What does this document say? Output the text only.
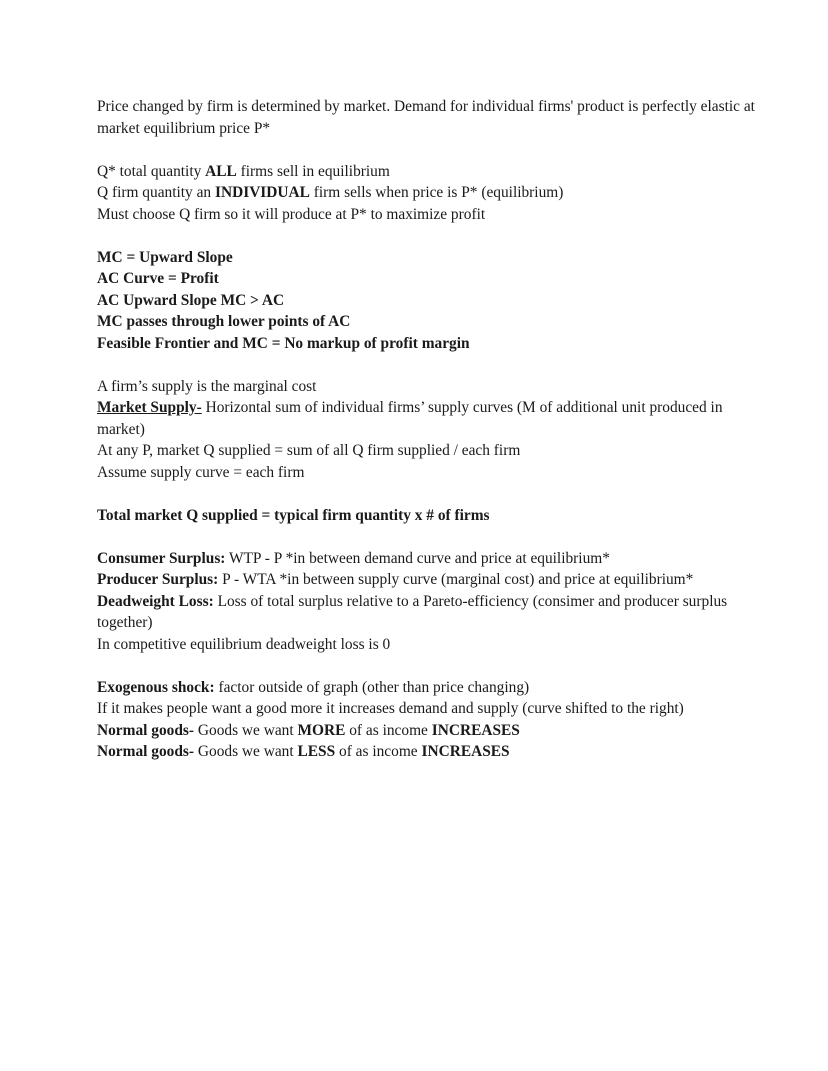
Price changed by firm is determined by market. Demand for individual firms' product is perfectly elastic at market equilibrium price P*

Q* total quantity ALL firms sell in equilibrium
Q firm quantity an INDIVIDUAL firm sells when price is P* (equilibrium)
Must choose Q firm so it will produce at P* to maximize profit

MC = Upward Slope
AC Curve = Profit
AC Upward Slope MC > AC
MC passes through lower points of AC
Feasible Frontier and MC = No markup of profit margin

A firm’s supply is the marginal cost
Market Supply- Horizontal sum of individual firms’ supply curves (M of additional unit produced in market)
At any P, market Q supplied = sum of all Q firm supplied / each firm
Assume supply curve = each firm

Total market Q supplied = typical firm quantity x # of firms

Consumer Surplus: WTP - P *in between demand curve and price at equilibrium*
Producer Surplus: P - WTA *in between supply curve (marginal cost) and price at equilibrium*
Deadweight Loss: Loss of total surplus relative to a Pareto-efficiency (consimer and producer surplus together)
In competitive equilibrium deadweight loss is 0

Exogenous shock: factor outside of graph (other than price changing)
If it makes people want a good more it increases demand and supply (curve shifted to the right)
Normal goods- Goods we want MORE of as income INCREASES
Normal goods- Goods we want LESS of as income INCREASES
